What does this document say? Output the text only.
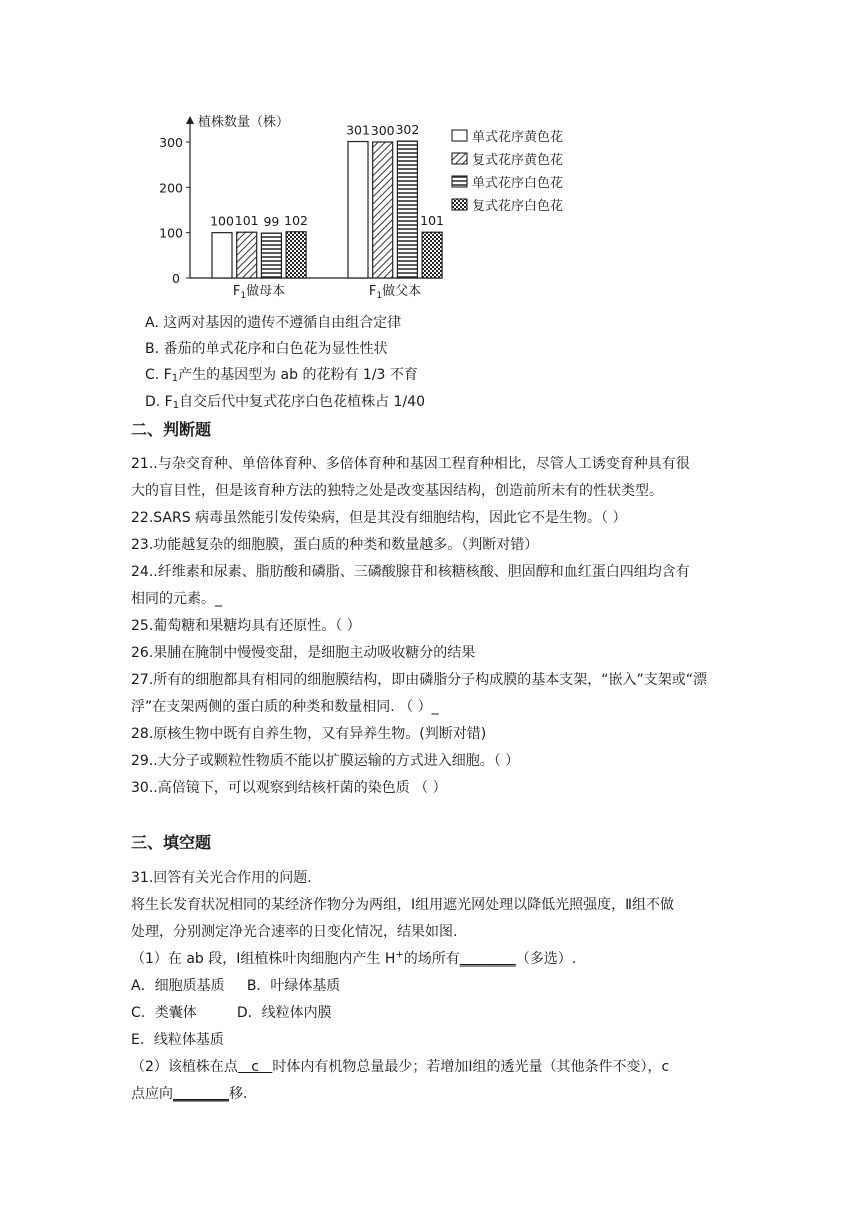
植株数量（株）
0
100
200
300
100 101 99 102
$F_1$做母本
301 300 302
101
$F_1$做父本
单式花序黄色花
复式花序黄色花
单式花序白色花
复式花序白色花
A. 这两对基因的遗传不遵循自由组合定律
B. 番茄的单式花序和白色花为显性性状
C. $F_1$产生的基因型为 ab 的花粉有 1/3 不育
D. $F_1$自交后代中复式花序白色花植株占 1/40
二、判断题
21..与杂交育种、单倍体育种、多倍体育种和基因工程育种相比，尽管人工诱变育种具有很
大的盲目性，但是该育种方法的独特之处是改变基因结构，创造前所未有的性状类型。
22.SARS 病毒虽然能引发传染病，但是其没有细胞结构，因此它不是生物。（ ）
23.功能越复杂的细胞膜，蛋白质的种类和数量越多。（判断对错）
24..纤维素和尿素、脂肪酸和磷脂、三磷酸腺苷和核糖核酸、胆固醇和血红蛋白四组均含有
相同的元素。_
25.葡萄糖和果糖均具有还原性。（ ）
26.果脯在腌制中慢慢变甜，是细胞主动吸收糖分的结果
27.所有的细胞都具有相同的细胞膜结构，即由磷脂分子构成膜的基本支架，“嵌入”支架或“漂
浮”在支架两侧的蛋白质的种类和数量相同. （ ）_
28.原核生物中既有自养生物，又有异养生物。(判断对错)
29..大分子或颗粒性物质不能以扩膜运输的方式进入细胞。（ ）
30..高倍镜下，可以观察到结核杆菌的染色质 （ ）
三、填空题
31.回答有关光合作用的问题.
将生长发育状况相同的某经济作物分为两组，Ⅰ组用遮光网处理以降低光照强度，Ⅱ组不做
处理，分别测定净光合速率的日变化情况，结果如图.
（1）在 ab 段，Ⅰ组植株叶肉细胞内产生 H+的场所有________（多选）.
A．细胞质基质     B．叶绿体基质
C．类囊体         D．线粒体内膜
E．线粒体基质
（2）该植株在点   c   时体内有机物总量最少；若增加Ⅰ组的透光量（其他条件不变），c
点应向________移.
